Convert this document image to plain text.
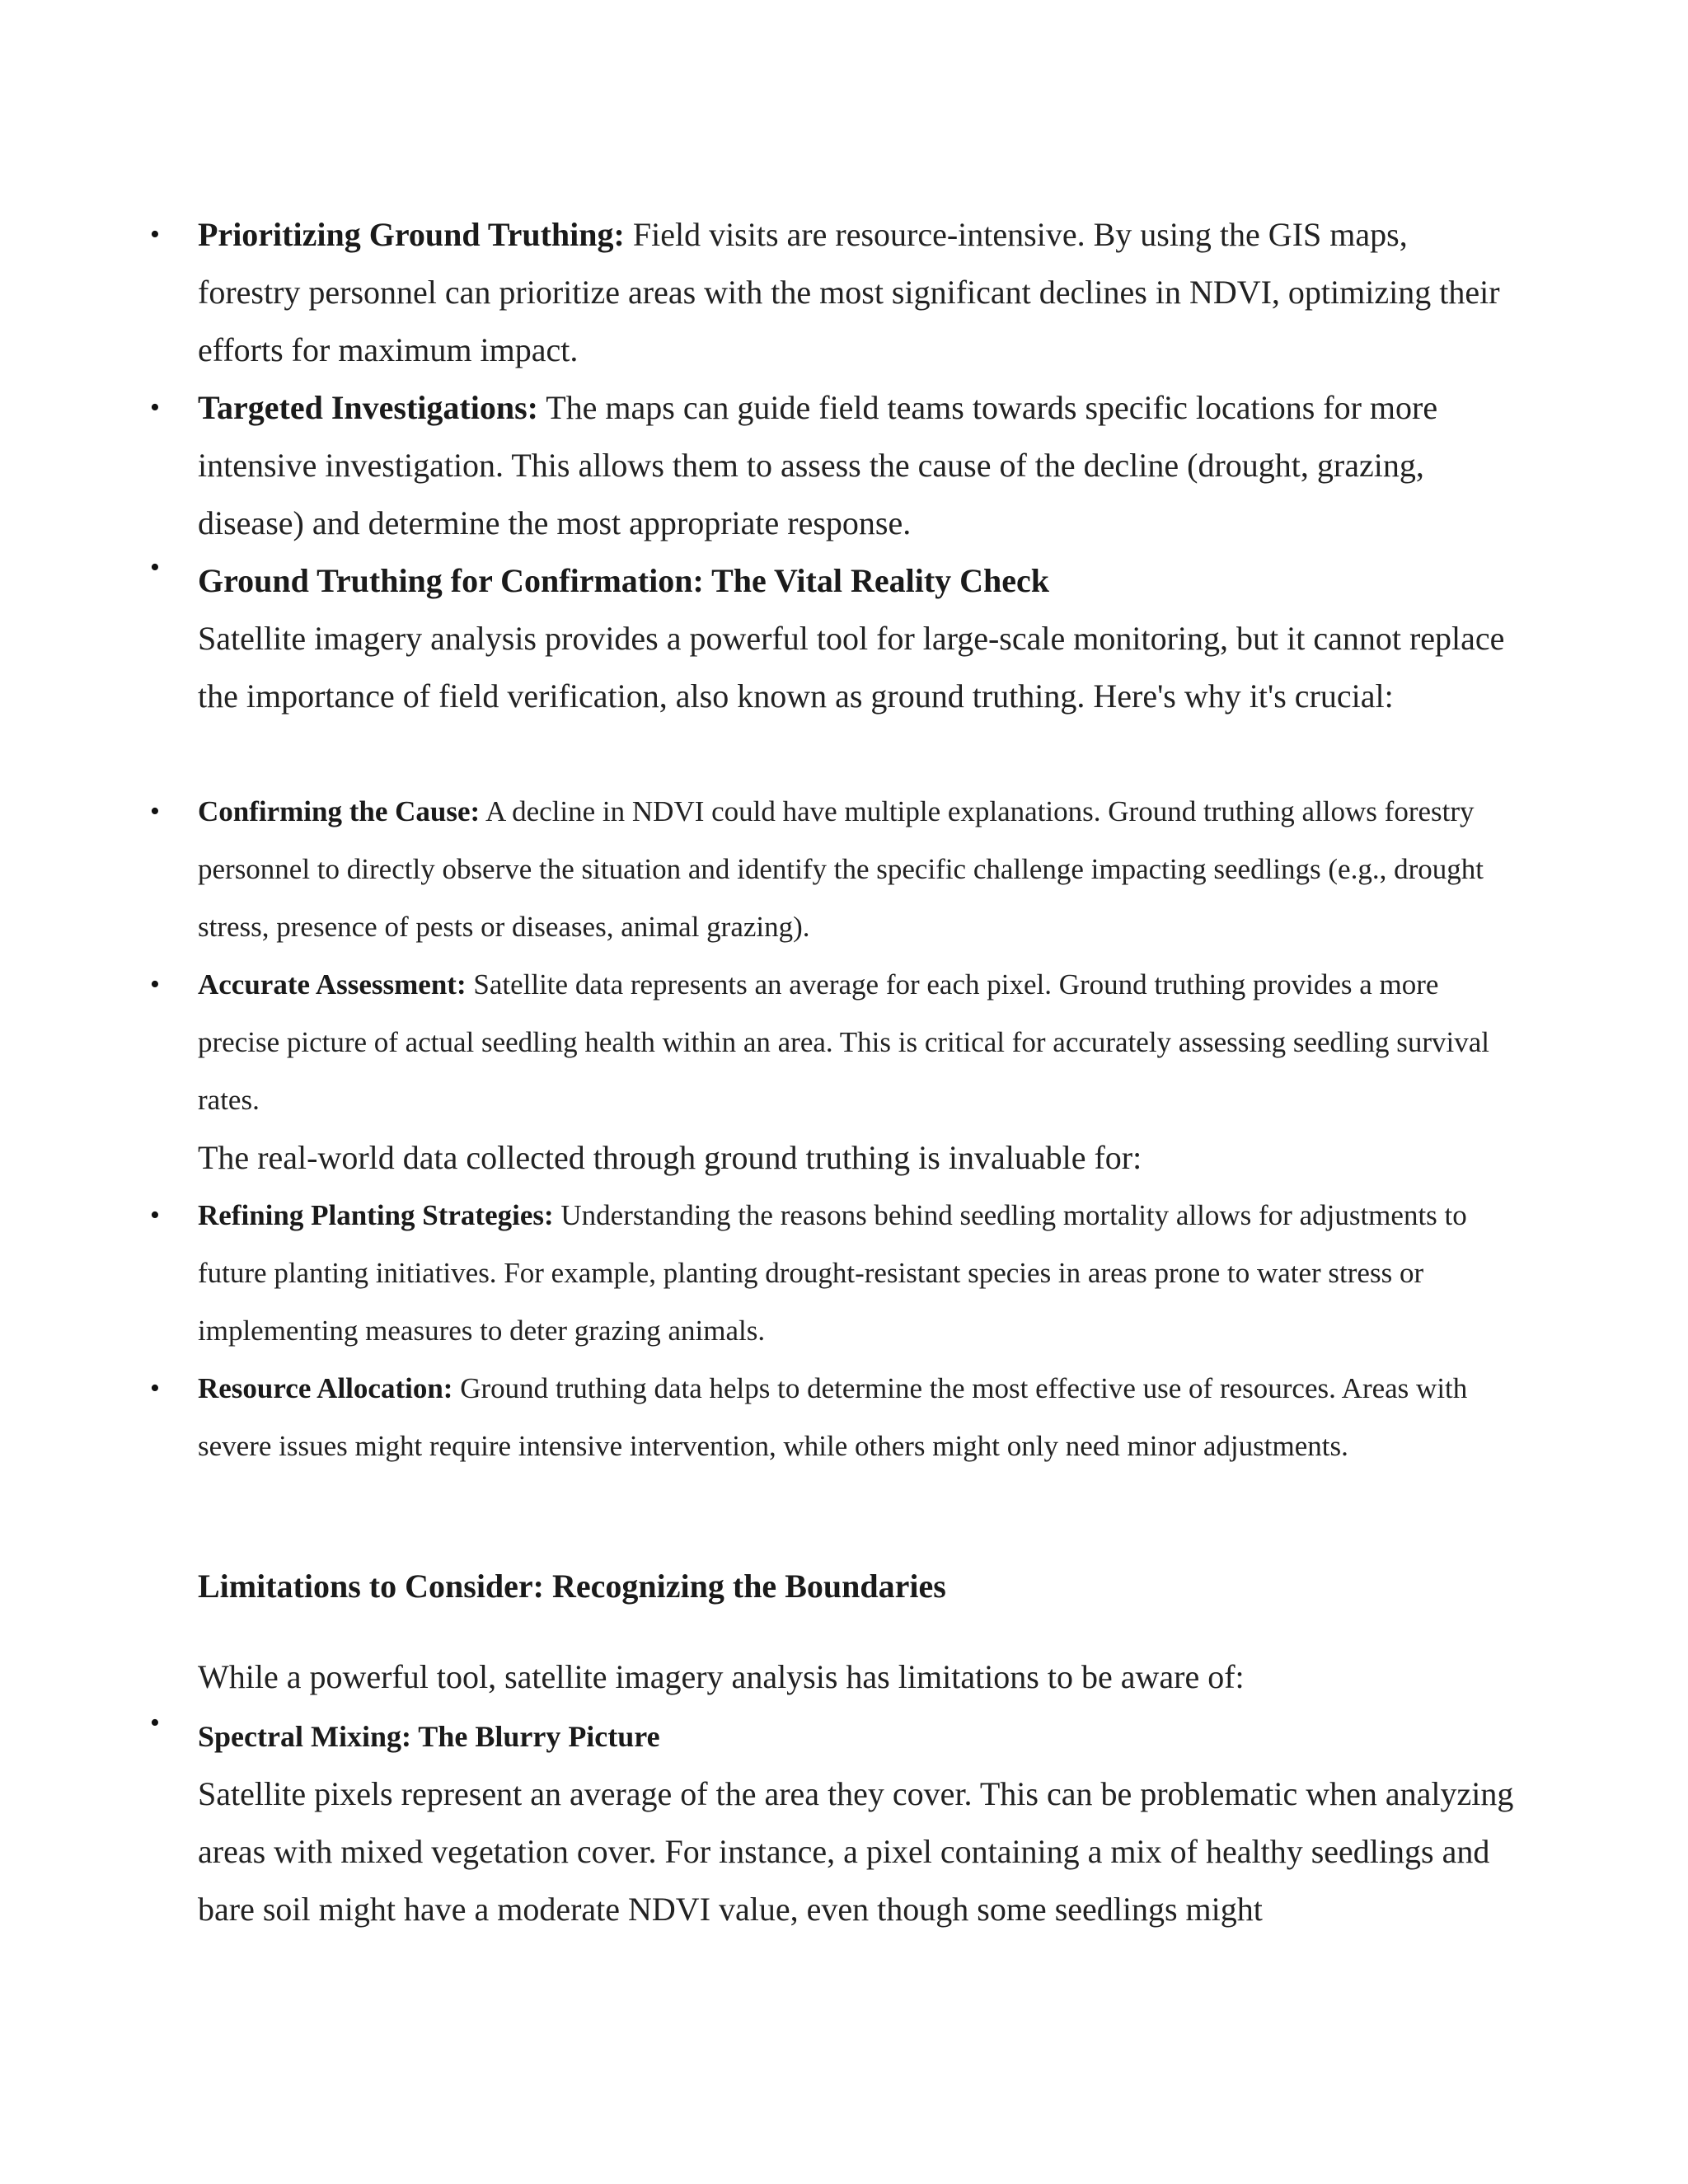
• Prioritizing Ground Truthing: Field visits are resource-intensive. By using the GIS maps, forestry personnel can prioritize areas with the most significant declines in NDVI, optimizing their efforts for maximum impact.
• Targeted Investigations: The maps can guide field teams towards specific locations for more intensive investigation. This allows them to assess the cause of the decline (drought, grazing, disease) and determine the most appropriate response.
• Ground Truthing for Confirmation: The Vital Reality Check
Satellite imagery analysis provides a powerful tool for large-scale monitoring, but it cannot replace the importance of field verification, also known as ground truthing. Here's why it's crucial:
• Confirming the Cause: A decline in NDVI could have multiple explanations. Ground truthing allows forestry personnel to directly observe the situation and identify the specific challenge impacting seedlings (e.g., drought stress, presence of pests or diseases, animal grazing).
• Accurate Assessment: Satellite data represents an average for each pixel. Ground truthing provides a more precise picture of actual seedling health within an area. This is critical for accurately assessing seedling survival rates.
The real-world data collected through ground truthing is invaluable for:
• Refining Planting Strategies: Understanding the reasons behind seedling mortality allows for adjustments to future planting initiatives. For example, planting drought-resistant species in areas prone to water stress or implementing measures to deter grazing animals.
• Resource Allocation: Ground truthing data helps to determine the most effective use of resources. Areas with severe issues might require intensive intervention, while others might only need minor adjustments.
Limitations to Consider: Recognizing the Boundaries
While a powerful tool, satellite imagery analysis has limitations to be aware of:
• Spectral Mixing: The Blurry Picture
Satellite pixels represent an average of the area they cover. This can be problematic when analyzing areas with mixed vegetation cover. For instance, a pixel containing a mix of healthy seedlings and bare soil might have a moderate NDVI value, even though some seedlings might
